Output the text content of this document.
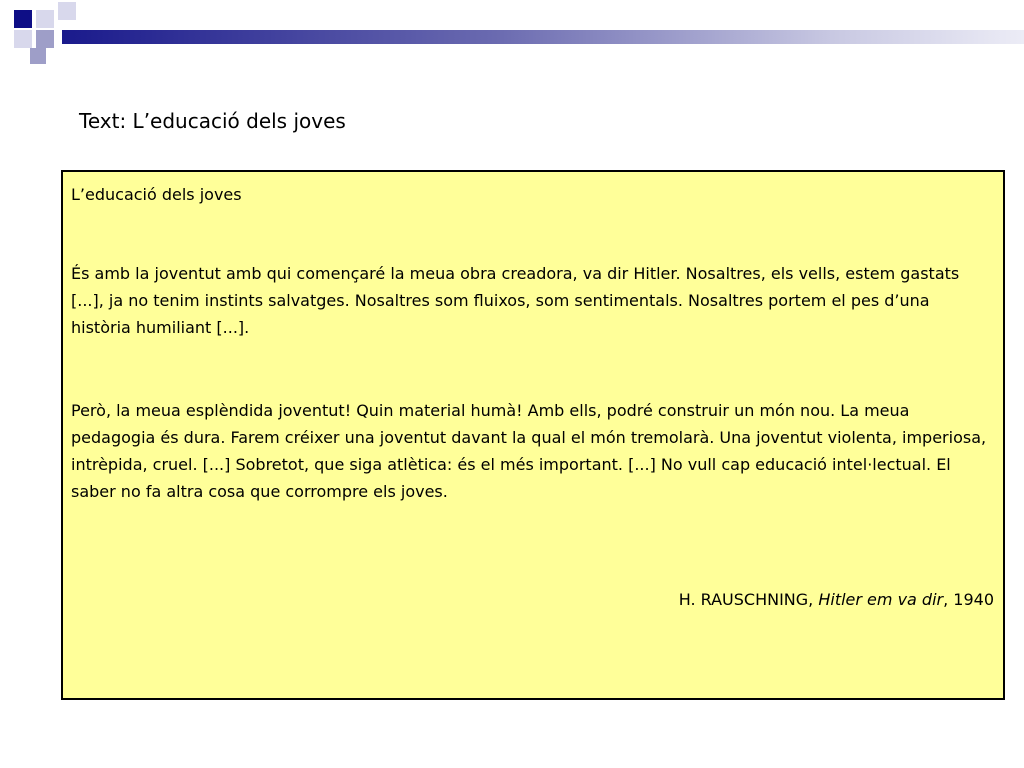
Text: L’educació dels joves

L’educació dels joves

És amb la joventut amb qui començaré la meua obra creadora, va dir Hitler. Nosaltres, els vells, estem gastats [...], ja no tenim instints salvatges. Nosaltres som fluixos, som sentimentals. Nosaltres portem el pes d’una història humiliant [...].

Però, la meua esplèndida joventut! Quin material humà! Amb ells, podré construir un món nou. La meua pedagogia és dura. Farem créixer una joventut davant la qual el món tremolarà. Una joventut violenta, imperiosa, intrèpida, cruel. [...] Sobretot, que siga atlètica: és el més important. [...] No vull cap educació intel·lectual. El saber no fa altra cosa que corrompre els joves.

H. RAUSCHNING, Hitler em va dir, 1940
